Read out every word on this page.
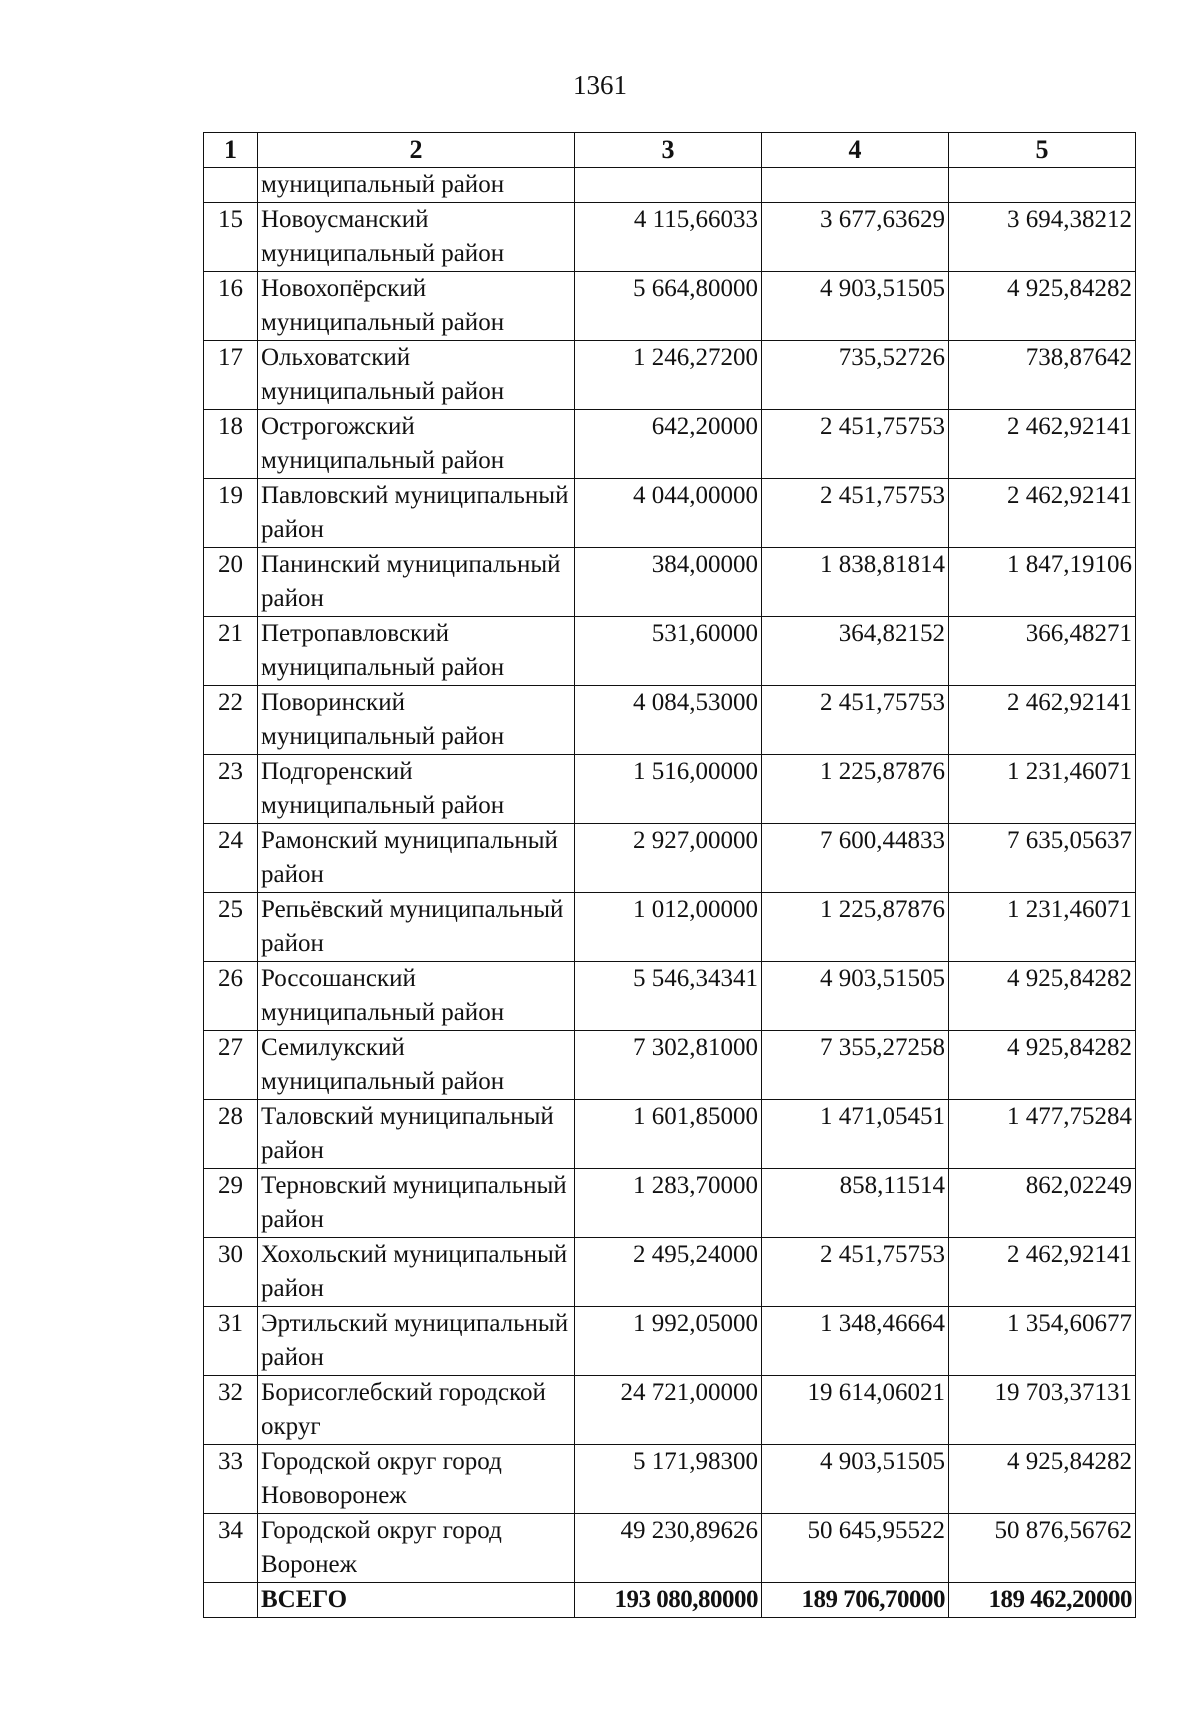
1361
1	2	3	4	5
	муниципальный район			
15	Новоусманский муниципальный район	4 115,66033	3 677,63629	3 694,38212
16	Новохопёрский муниципальный район	5 664,80000	4 903,51505	4 925,84282
17	Ольховатский муниципальный район	1 246,27200	735,52726	738,87642
18	Острогожский муниципальный район	642,20000	2 451,75753	2 462,92141
19	Павловский муниципальный район	4 044,00000	2 451,75753	2 462,92141
20	Панинский муниципальный район	384,00000	1 838,81814	1 847,19106
21	Петропавловский муниципальный район	531,60000	364,82152	366,48271
22	Поворинский муниципальный район	4 084,53000	2 451,75753	2 462,92141
23	Подгоренский муниципальный район	1 516,00000	1 225,87876	1 231,46071
24	Рамонский муниципальный район	2 927,00000	7 600,44833	7 635,05637
25	Репьёвский муниципальный район	1 012,00000	1 225,87876	1 231,46071
26	Россошанский муниципальный район	5 546,34341	4 903,51505	4 925,84282
27	Семилукский муниципальный район	7 302,81000	7 355,27258	4 925,84282
28	Таловский муниципальный район	1 601,85000	1 471,05451	1 477,75284
29	Терновский муниципальный район	1 283,70000	858,11514	862,02249
30	Хохольский муниципальный район	2 495,24000	2 451,75753	2 462,92141
31	Эртильский муниципальный район	1 992,05000	1 348,46664	1 354,60677
32	Борисоглебский городской округ	24 721,00000	19 614,06021	19 703,37131
33	Городской округ город Нововоронеж	5 171,98300	4 903,51505	4 925,84282
34	Городской округ город Воронеж	49 230,89626	50 645,95522	50 876,56762
	ВСЕГО	193 080,80000	189 706,70000	189 462,20000
